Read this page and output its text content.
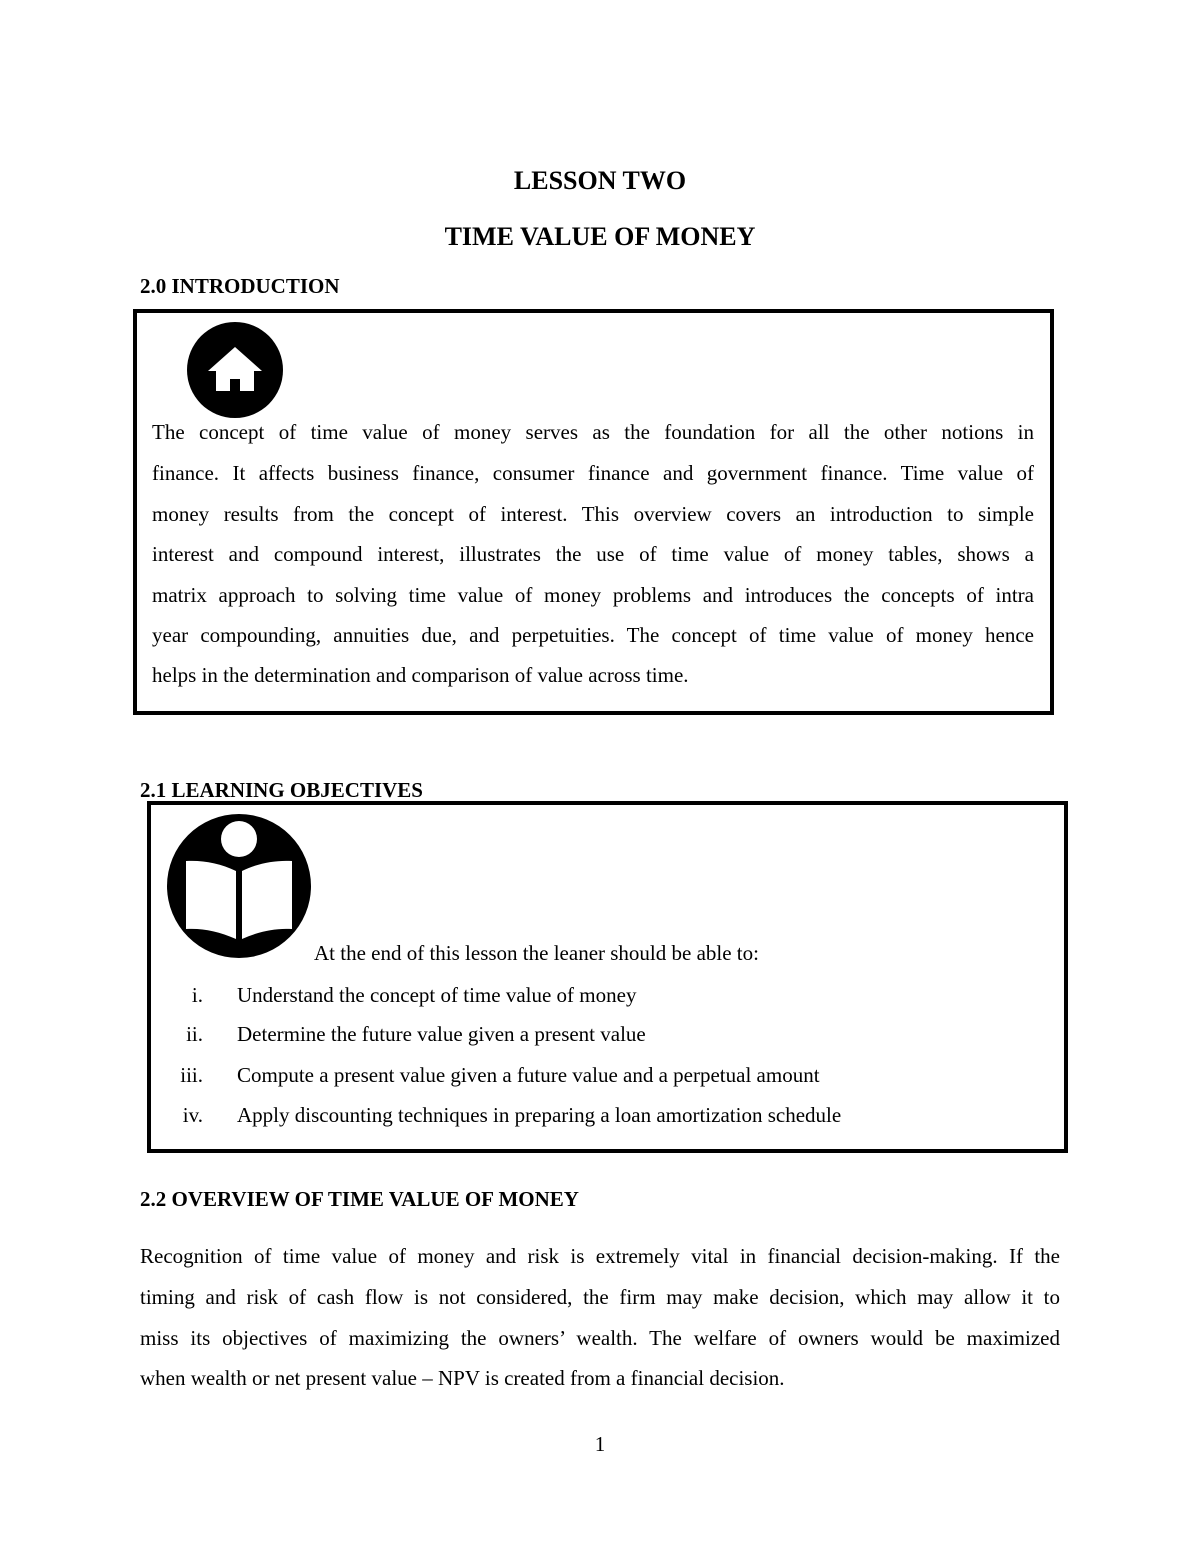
LESSON TWO
TIME VALUE OF MONEY
2.0 INTRODUCTION
The concept of time value of money serves as the foundation for all the other notions in
finance. It affects business finance, consumer finance and government finance. Time value of
money results from the concept of interest. This overview covers an introduction to simple
interest and compound interest, illustrates the use of time value of money tables, shows a
matrix approach to solving time value of money problems and introduces the concepts of intra
year compounding, annuities due, and perpetuities. The concept of time value of money hence
helps in the determination and comparison of value across time.
2.1 LEARNING OBJECTIVES
At the end of this lesson the leaner should be able to:
i. Understand the concept of time value of money
ii. Determine the future value given a present value
iii. Compute a present value given a future value and a perpetual amount
iv. Apply discounting techniques in preparing a loan amortization schedule
2.2 OVERVIEW OF TIME VALUE OF MONEY
Recognition of time value of money and risk is extremely vital in financial decision-making. If the
timing and risk of cash flow is not considered, the firm may make decision, which may allow it to
miss its objectives of maximizing the owners’ wealth. The welfare of owners would be maximized
when wealth or net present value – NPV is created from a financial decision.
1
